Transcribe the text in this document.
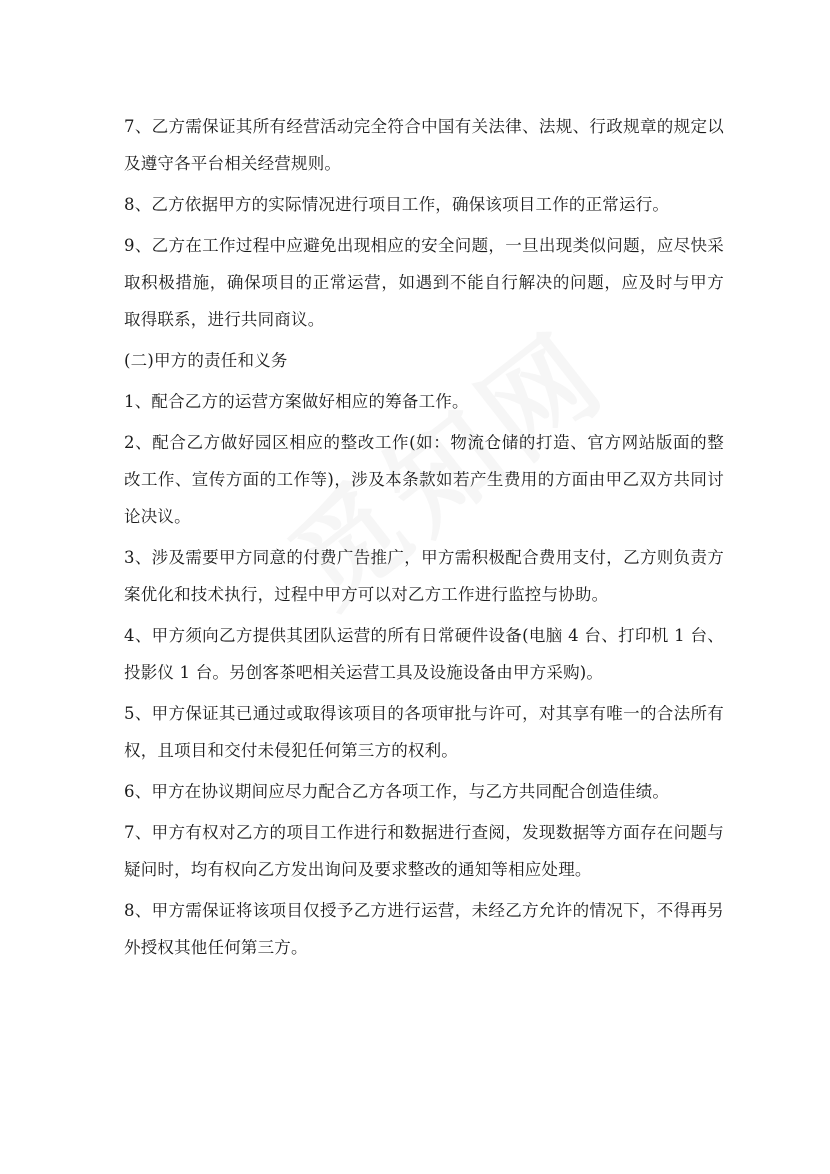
7、乙方需保证其所有经营活动完全符合中国有关法律、法规、行政规章的规定以及遵守各平台相关经营规则。

8、乙方依据甲方的实际情况进行项目工作，确保该项目工作的正常运行。

9、乙方在工作过程中应避免出现相应的安全问题，一旦出现类似问题，应尽快采取积极措施，确保项目的正常运营，如遇到不能自行解决的问题，应及时与甲方取得联系，进行共同商议。

(二)甲方的责任和义务

1、配合乙方的运营方案做好相应的筹备工作。

2、配合乙方做好园区相应的整改工作(如：物流仓储的打造、官方网站版面的整改工作、宣传方面的工作等)，涉及本条款如若产生费用的方面由甲乙双方共同讨论决议。

3、涉及需要甲方同意的付费广告推广，甲方需积极配合费用支付，乙方则负责方案优化和技术执行，过程中甲方可以对乙方工作进行监控与协助。

4、甲方须向乙方提供其团队运营的所有日常硬件设备(电脑 4 台、打印机 1 台、投影仪 1 台。另创客茶吧相关运营工具及设施设备由甲方采购)。

5、甲方保证其已通过或取得该项目的各项审批与许可，对其享有唯一的合法所有权，且项目和交付未侵犯任何第三方的权利。

6、甲方在协议期间应尽力配合乙方各项工作，与乙方共同配合创造佳绩。

7、甲方有权对乙方的项目工作进行和数据进行查阅，发现数据等方面存在问题与疑问时，均有权向乙方发出询问及要求整改的通知等相应处理。

8、甲方需保证将该项目仅授予乙方进行运营，未经乙方允许的情况下，不得再另外授权其他任何第三方。
